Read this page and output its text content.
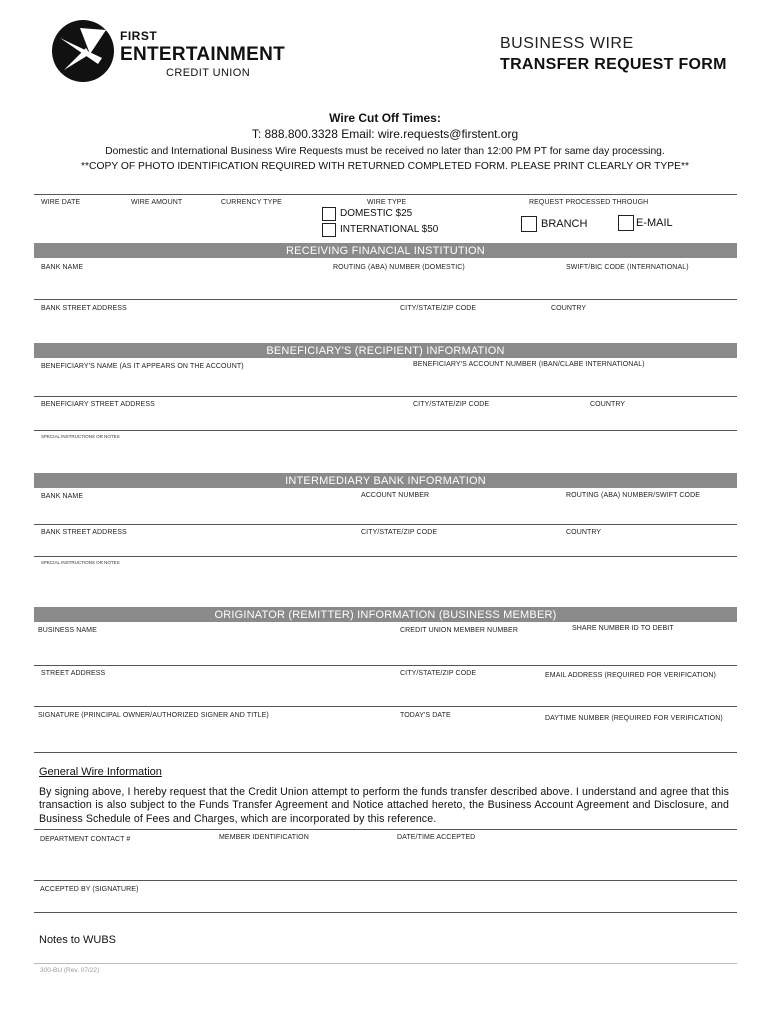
FIRST
ENTERTAINMENT
CREDIT UNION
BUSINESS WIRE
TRANSFER REQUEST FORM
Wire Cut Off Times:
T: 888.800.3328 Email: wire.requests@firstent.org
Domestic and International Business Wire Requests must be received no later than 12:00 PM PT for same day processing.
**COPY OF PHOTO IDENTIFICATION REQUIRED WITH RETURNED COMPLETED FORM. PLEASE PRINT CLEARLY OR TYPE**
WIRE DATE	WIRE AMOUNT	CURRENCY TYPE	WIRE TYPE
DOMESTIC $25
INTERNATIONAL $50
REQUEST PROCESSED THROUGH
BRANCH	E-MAIL
RECEIVING FINANCIAL INSTITUTION
BANK NAME	ROUTING (ABA) NUMBER (DOMESTIC)	SWIFT/BIC CODE (INTERNATIONAL)
BANK STREET ADDRESS	CITY/STATE/ZIP CODE	COUNTRY
BENEFICIARY'S (RECIPIENT) INFORMATION
BENEFICIARY'S NAME (AS IT APPEARS ON THE ACCOUNT)	BENEFICIARY'S ACCOUNT NUMBER (IBAN/CLABE INTERNATIONAL)
BENEFICIARY STREET ADDRESS	CITY/STATE/ZIP CODE	COUNTRY
SPECIAL INSTRUCTIONS OR NOTES
INTERMEDIARY BANK INFORMATION
BANK NAME	ACCOUNT NUMBER	ROUTING (ABA) NUMBER/SWIFT CODE
BANK STREET ADDRESS	CITY/STATE/ZIP CODE	COUNTRY
SPECIAL INSTRUCTIONS OR NOTES
ORIGINATOR (REMITTER) INFORMATION (BUSINESS MEMBER)
BUSINESS NAME	CREDIT UNION MEMBER NUMBER	SHARE NUMBER ID TO DEBIT
STREET ADDRESS	CITY/STATE/ZIP CODE	EMAIL ADDRESS (REQUIRED FOR VERIFICATION)
SIGNATURE (PRINCIPAL OWNER/AUTHORIZED SIGNER AND TITLE)	TODAY'S DATE	DAYTIME NUMBER (REQUIRED FOR VERIFICATION)
General Wire Information
By signing above, I hereby request that the Credit Union attempt to perform the funds transfer described above. I understand and agree that this transaction is also subject to the Funds Transfer Agreement and Notice attached hereto, the Business Account Agreement and Disclosure, and Business Schedule of Fees and Charges, which are incorporated by this reference.
DEPARTMENT CONTACT #	MEMBER IDENTIFICATION	DATE/TIME ACCEPTED
ACCEPTED BY (SIGNATURE)
Notes to WUBS
300-BU (Rev. 07/22)
